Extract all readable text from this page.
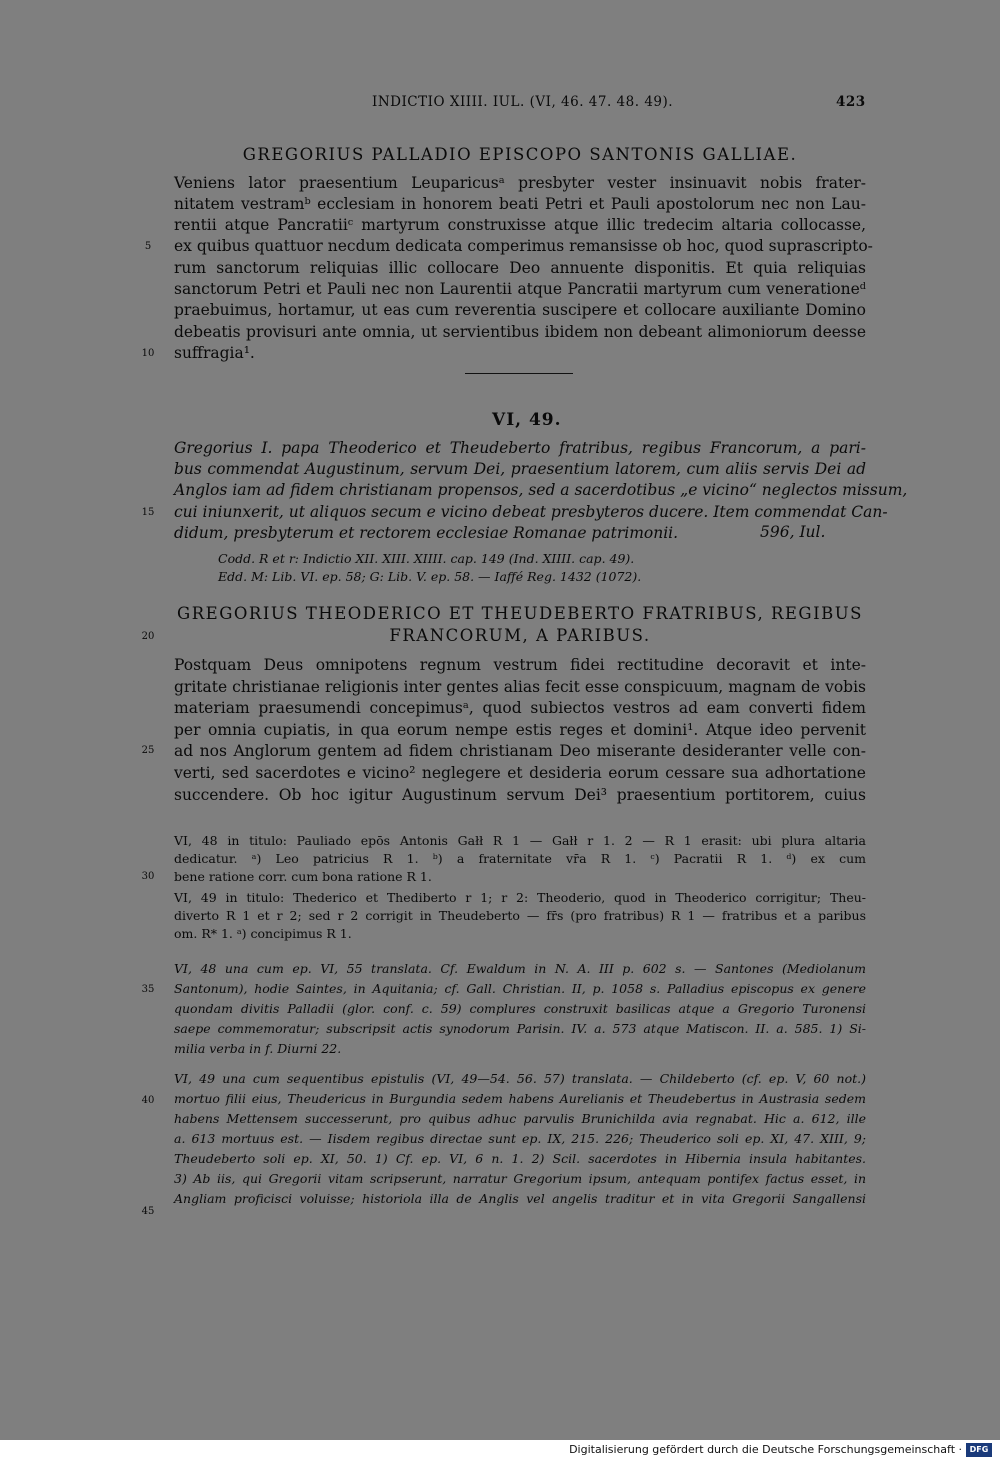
INDICTIO XIIII. IUL. (VI, 46. 47. 48. 49).	423
GREGORIUS PALLADIO EPISCOPO SANTONIS GALLIAE.
Veniens lator praesentium Leuparicusᵃ presbyter vester insinuavit nobis frater-
nitatem vestramᵇ ecclesiam in honorem beati Petri et Pauli apostolorum nec non Lau-
rentii atque Pancratiiᶜ martyrum construxisse atque illic tredecim altaria collocasse,
ex quibus quattuor necdum dedicata comperimus remansisse ob hoc, quod suprascripto-
rum sanctorum reliquias illic collocare Deo annuente disponitis. Et quia reliquias
sanctorum Petri et Pauli nec non Laurentii atque Pancratii martyrum cum venerationeᵈ
praebuimus, hortamur, ut eas cum reverentia suscipere et collocare auxiliante Domino
debeatis provisuri ante omnia, ut servientibus ibidem non debeant alimoniorum deesse
suffragia¹.
VI, 49.
Gregorius I. papa Theoderico et Theudeberto fratribus, regibus Francorum, a pari-
bus commendat Augustinum, servum Dei, praesentium latorem, cum aliis servis Dei ad
Anglos iam ad fidem christianam propensos, sed a sacerdotibus „e vicino“ neglectos missum,
cui iniunxerit, ut aliquos secum e vicino debeat presbyteros ducere. Item commendat Can-
didum, presbyterum et rectorem ecclesiae Romanae patrimonii.	596, Iul.
Codd. R et r: Indictio XII. XIII. XIIII. cap. 149 (Ind. XIIII. cap. 49).
Edd. M: Lib. VI. ep. 58; G: Lib. V. ep. 58. — Iaffé Reg. 1432 (1072).
GREGORIUS THEODERICO ET THEUDEBERTO FRATRIBUS, REGIBUS
FRANCORUM, A PARIBUS.
Postquam Deus omnipotens regnum vestrum fidei rectitudine decoravit et inte-
gritate christianae religionis inter gentes alias fecit esse conspicuum, magnam de vobis
materiam praesumendi concepimusᵃ, quod subiectos vestros ad eam converti fidem
per omnia cupiatis, in qua eorum nempe estis reges et domini¹. Atque ideo pervenit
ad nos Anglorum gentem ad fidem christianam Deo miserante desideranter velle con-
verti, sed sacerdotes e vicino² neglegere et desideria eorum cessare sua adhortatione
succendere. Ob hoc igitur Augustinum servum Dei³ praesentium portitorem, cuius
VI, 48 in titulo: Pauliado epōs Antonis Gałł R 1 — Gałł r 1. 2 — R 1 erasit: ubi plura altaria
dedicatur. ᵃ) Leo patricius R 1. ᵇ) a fraternitate vr̄a R 1. ᶜ) Pacratii R 1. ᵈ) ex cum
bene ratione corr. cum bona ratione R 1.
VI, 49 in titulo: Thederico et Thediberto r 1; r 2: Theoderio, quod in Theoderico corrigitur; Theu-
diverto R 1 et r 2; sed r 2 corrigit in Theudeberto — fr̄s (pro fratribus) R 1 — fratribus et a paribus
om. R* 1. ᵃ) concipimus R 1.
VI, 48 una cum ep. VI, 55 translata. Cf. Ewaldum in N. A. III p. 602 s. — Santones (Mediolanum
Santonum), hodie Saintes, in Aquitania; cf. Gall. Christian. II, p. 1058 s. Palladius episcopus ex genere
quondam divitis Palladii (glor. conf. c. 59) complures construxit basilicas atque a Gregorio Turonensi
saepe commemoratur; subscripsit actis synodorum Parisin. IV. a. 573 atque Matiscon. II. a. 585. 1) Si-
milia verba in f. Diurni 22.
VI, 49 una cum sequentibus epistulis (VI, 49—54. 56. 57) translata. — Childeberto (cf. ep. V, 60 not.)
mortuo filii eius, Theudericus in Burgundia sedem habens Aurelianis et Theudebertus in Austrasia sedem
habens Mettensem successerunt, pro quibus adhuc parvulis Brunichilda avia regnabat. Hic a. 612, ille
a. 613 mortuus est. — Iisdem regibus directae sunt ep. IX, 215. 226; Theuderico soli ep. XI, 47. XIII, 9;
Theudeberto soli ep. XI, 50. 1) Cf. ep. VI, 6 n. 1. 2) Scil. sacerdotes in Hibernia insula habitantes.
3) Ab iis, qui Gregorii vitam scripserunt, narratur Gregorium ipsum, antequam pontifex factus esset, in
Angliam proficisci voluisse; historiola illa de Anglis vel angelis traditur et in vita Gregorii Sangallensi
5
10
15
20
25
30
35
40
45
Digitalisierung gefördert durch die Deutsche Forschungsgemeinschaft · DFG
